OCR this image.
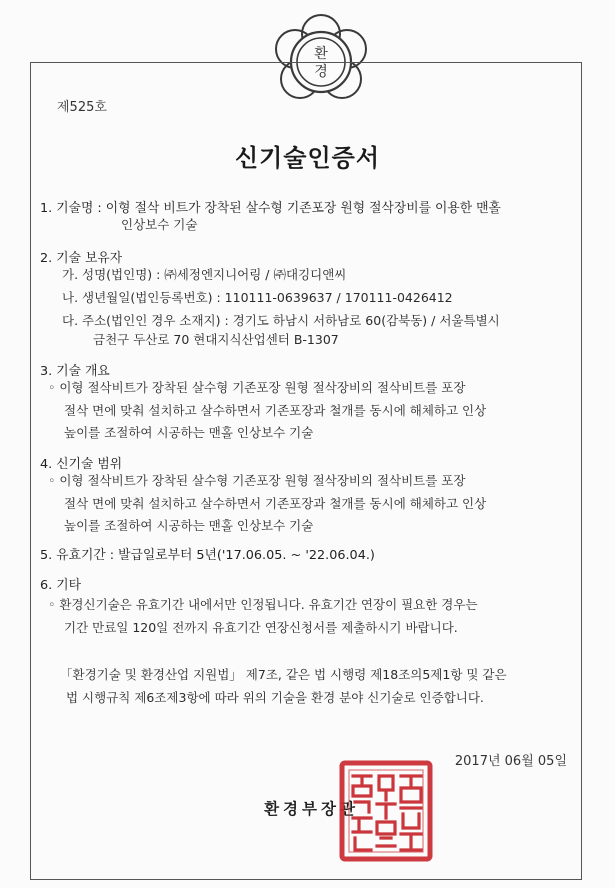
환
경
제525호
신기술인증서
1. 기술명 : 이형 절삭 비트가 장착된 살수형 기존포장 원형 절삭장비를 이용한 맨홀
인상보수 기술
2. 기술 보유자
가. 성명(법인명) : ㈜세정엔지니어링 / ㈜대깅디앤씨
나. 생년월일(법인등록번호) : 110111-0639637 / 170111-0426412
다. 주소(법인인 경우 소재지) : 경기도 하남시 서하남로 60(감북동) / 서울특별시
금천구 두산로 70 현대지식산업센터 B-1307
3. 기술 개요
◦ 이형 절삭비트가 장착된 살수형 기존포장 원형 절삭장비의 절삭비트를 포장
절삭 면에 맞춰 설치하고 살수하면서 기존포장과 철개를 동시에 해체하고 인상
높이를 조절하여 시공하는 맨홀 인상보수 기술
4. 신기술 범위
◦ 이형 절삭비트가 장착된 살수형 기존포장 원형 절삭장비의 절삭비트를 포장
절삭 면에 맞춰 설치하고 살수하면서 기존포장과 철개를 동시에 해체하고 인상
높이를 조절하여 시공하는 맨홀 인상보수 기술
5. 유효기간 : 발급일로부터 5년('17.06.05. ~ '22.06.04.)
6. 기타
◦ 환경신기술은 유효기간 내에서만 인정됩니다. 유효기간 연장이 필요한 경우는
기간 만료일 120일 전까지 유효기간 연장신청서를 제출하시기 바랍니다.
「환경기술 및 환경산업 지원법」 제7조, 같은 법 시행령 제18조의5제1항 및 같은
법 시행규칙 제6조제3항에 따라 위의 기술을 환경 분야 신기술로 인증합니다.
2017년 06월 05일
환경부장관
